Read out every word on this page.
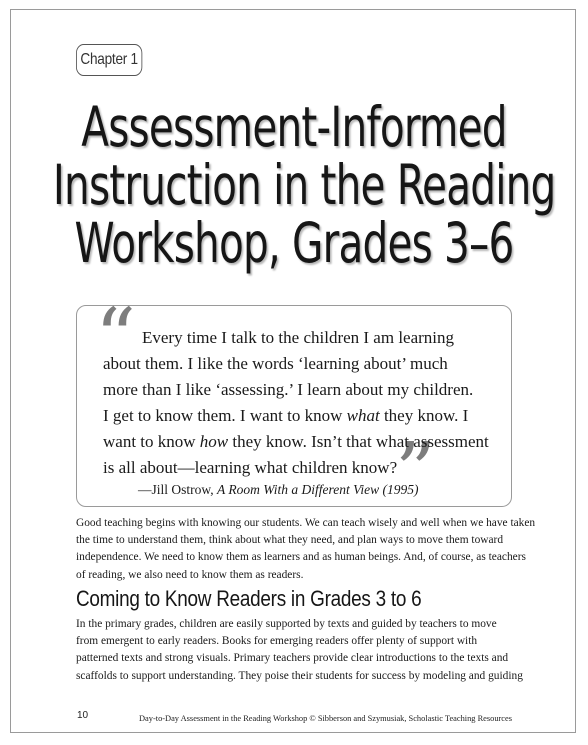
Chapter 1
Assessment-Informed
Instruction in the Reading
Workshop, Grades 3–6
“
”
Every time I talk to the children I am learning
about them. I like the words ‘learning about’ much
more than I like ‘assessing.’ I learn about my children.
I get to know them. I want to know what they know. I
want to know how they know. Isn’t that what assessment
is all about—learning what children know?
—Jill Ostrow, A Room With a Different View (1995)
Good teaching begins with knowing our students. We can teach wisely and well when we have taken
the time to understand them, think about what they need, and plan ways to move them toward
independence. We need to know them as learners and as human beings. And, of course, as teachers
of reading, we also need to know them as readers.
Coming to Know Readers in Grades 3 to 6
In the primary grades, children are easily supported by texts and guided by teachers to move
from emergent to early readers. Books for emerging readers offer plenty of support with
patterned texts and strong visuals. Primary teachers provide clear introductions to the texts and
scaffolds to support understanding. They poise their students for success by modeling and guiding
10	Day-to-Day Assessment in the Reading Workshop © Sibberson and Szymusiak, Scholastic Teaching Resources
